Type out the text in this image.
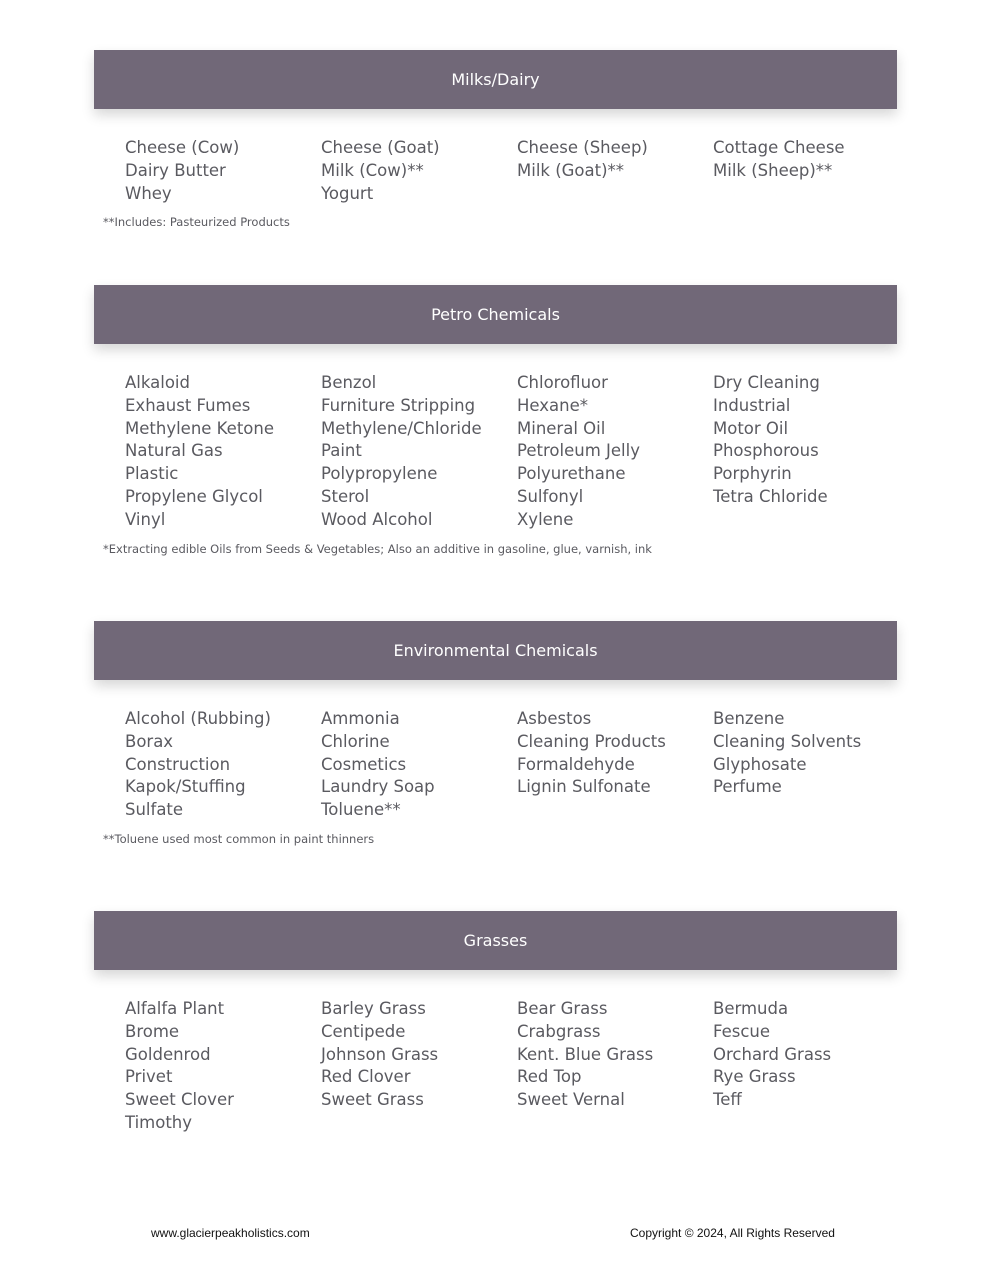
Milks/Dairy
Cheese (Cow)	Cheese (Goat)	Cheese (Sheep)	Cottage Cheese
Dairy Butter	Milk (Cow)**	Milk (Goat)**	Milk (Sheep)**
Whey	Yogurt
**Includes: Pasteurized Products
Petro Chemicals
Alkaloid	Benzol	Chlorofluor	Dry Cleaning
Exhaust Fumes	Furniture Stripping	Hexane*	Industrial
Methylene Ketone	Methylene/Chloride	Mineral Oil	Motor Oil
Natural Gas	Paint	Petroleum Jelly	Phosphorous
Plastic	Polypropylene	Polyurethane	Porphyrin
Propylene Glycol	Sterol	Sulfonyl	Tetra Chloride
Vinyl	Wood Alcohol	Xylene
*Extracting edible Oils from Seeds & Vegetables; Also an additive in gasoline, glue, varnish, ink
Environmental Chemicals
Alcohol (Rubbing)	Ammonia	Asbestos	Benzene
Borax	Chlorine	Cleaning Products	Cleaning Solvents
Construction	Cosmetics	Formaldehyde	Glyphosate
Kapok/Stuffing	Laundry Soap	Lignin Sulfonate	Perfume
Sulfate	Toluene**
**Toluene used most common in paint thinners
Grasses
Alfalfa Plant	Barley Grass	Bear Grass	Bermuda
Brome	Centipede	Crabgrass	Fescue
Goldenrod	Johnson Grass	Kent. Blue Grass	Orchard Grass
Privet	Red Clover	Red Top	Rye Grass
Sweet Clover	Sweet Grass	Sweet Vernal	Teff
Timothy
www.glacierpeakholistics.com	Copyright © 2024, All Rights Reserved
